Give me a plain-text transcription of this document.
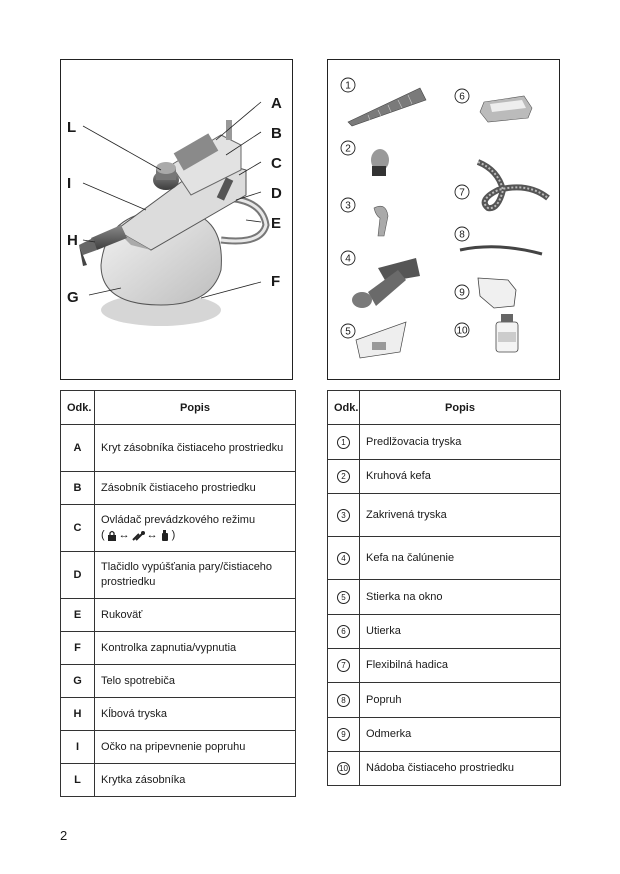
A
B
C
D
E
F
G
H
I
L
1
2
3
4
5
6
7
8
9
10
Odk.	Popis
A	Kryt zásobníka čistiaceho prostriedku
B	Zásobník čistiaceho prostriedku
C	Ovládač prevádzkového režimu
( ↔ ↔ )

D	Tlačidlo vypúšťania pary/čistiaceho prostriedku
E	Rukoväť
F	Kontrolka zapnutia/vypnutia
G	Telo spotrebiča
H	Kĺbová tryska
I	Očko na pripevnenie popruhu
L	Krytka zásobníka
Odk.	Popis
1	Predlžovacia tryska
2	Kruhová kefa
3	Zakrivená tryska
4	Kefa na čalúnenie
5	Stierka na okno
6	Utierka
7	Flexibilná hadica
8	Popruh
9	Odmerka
10	Nádoba čistiaceho prostriedku
2
